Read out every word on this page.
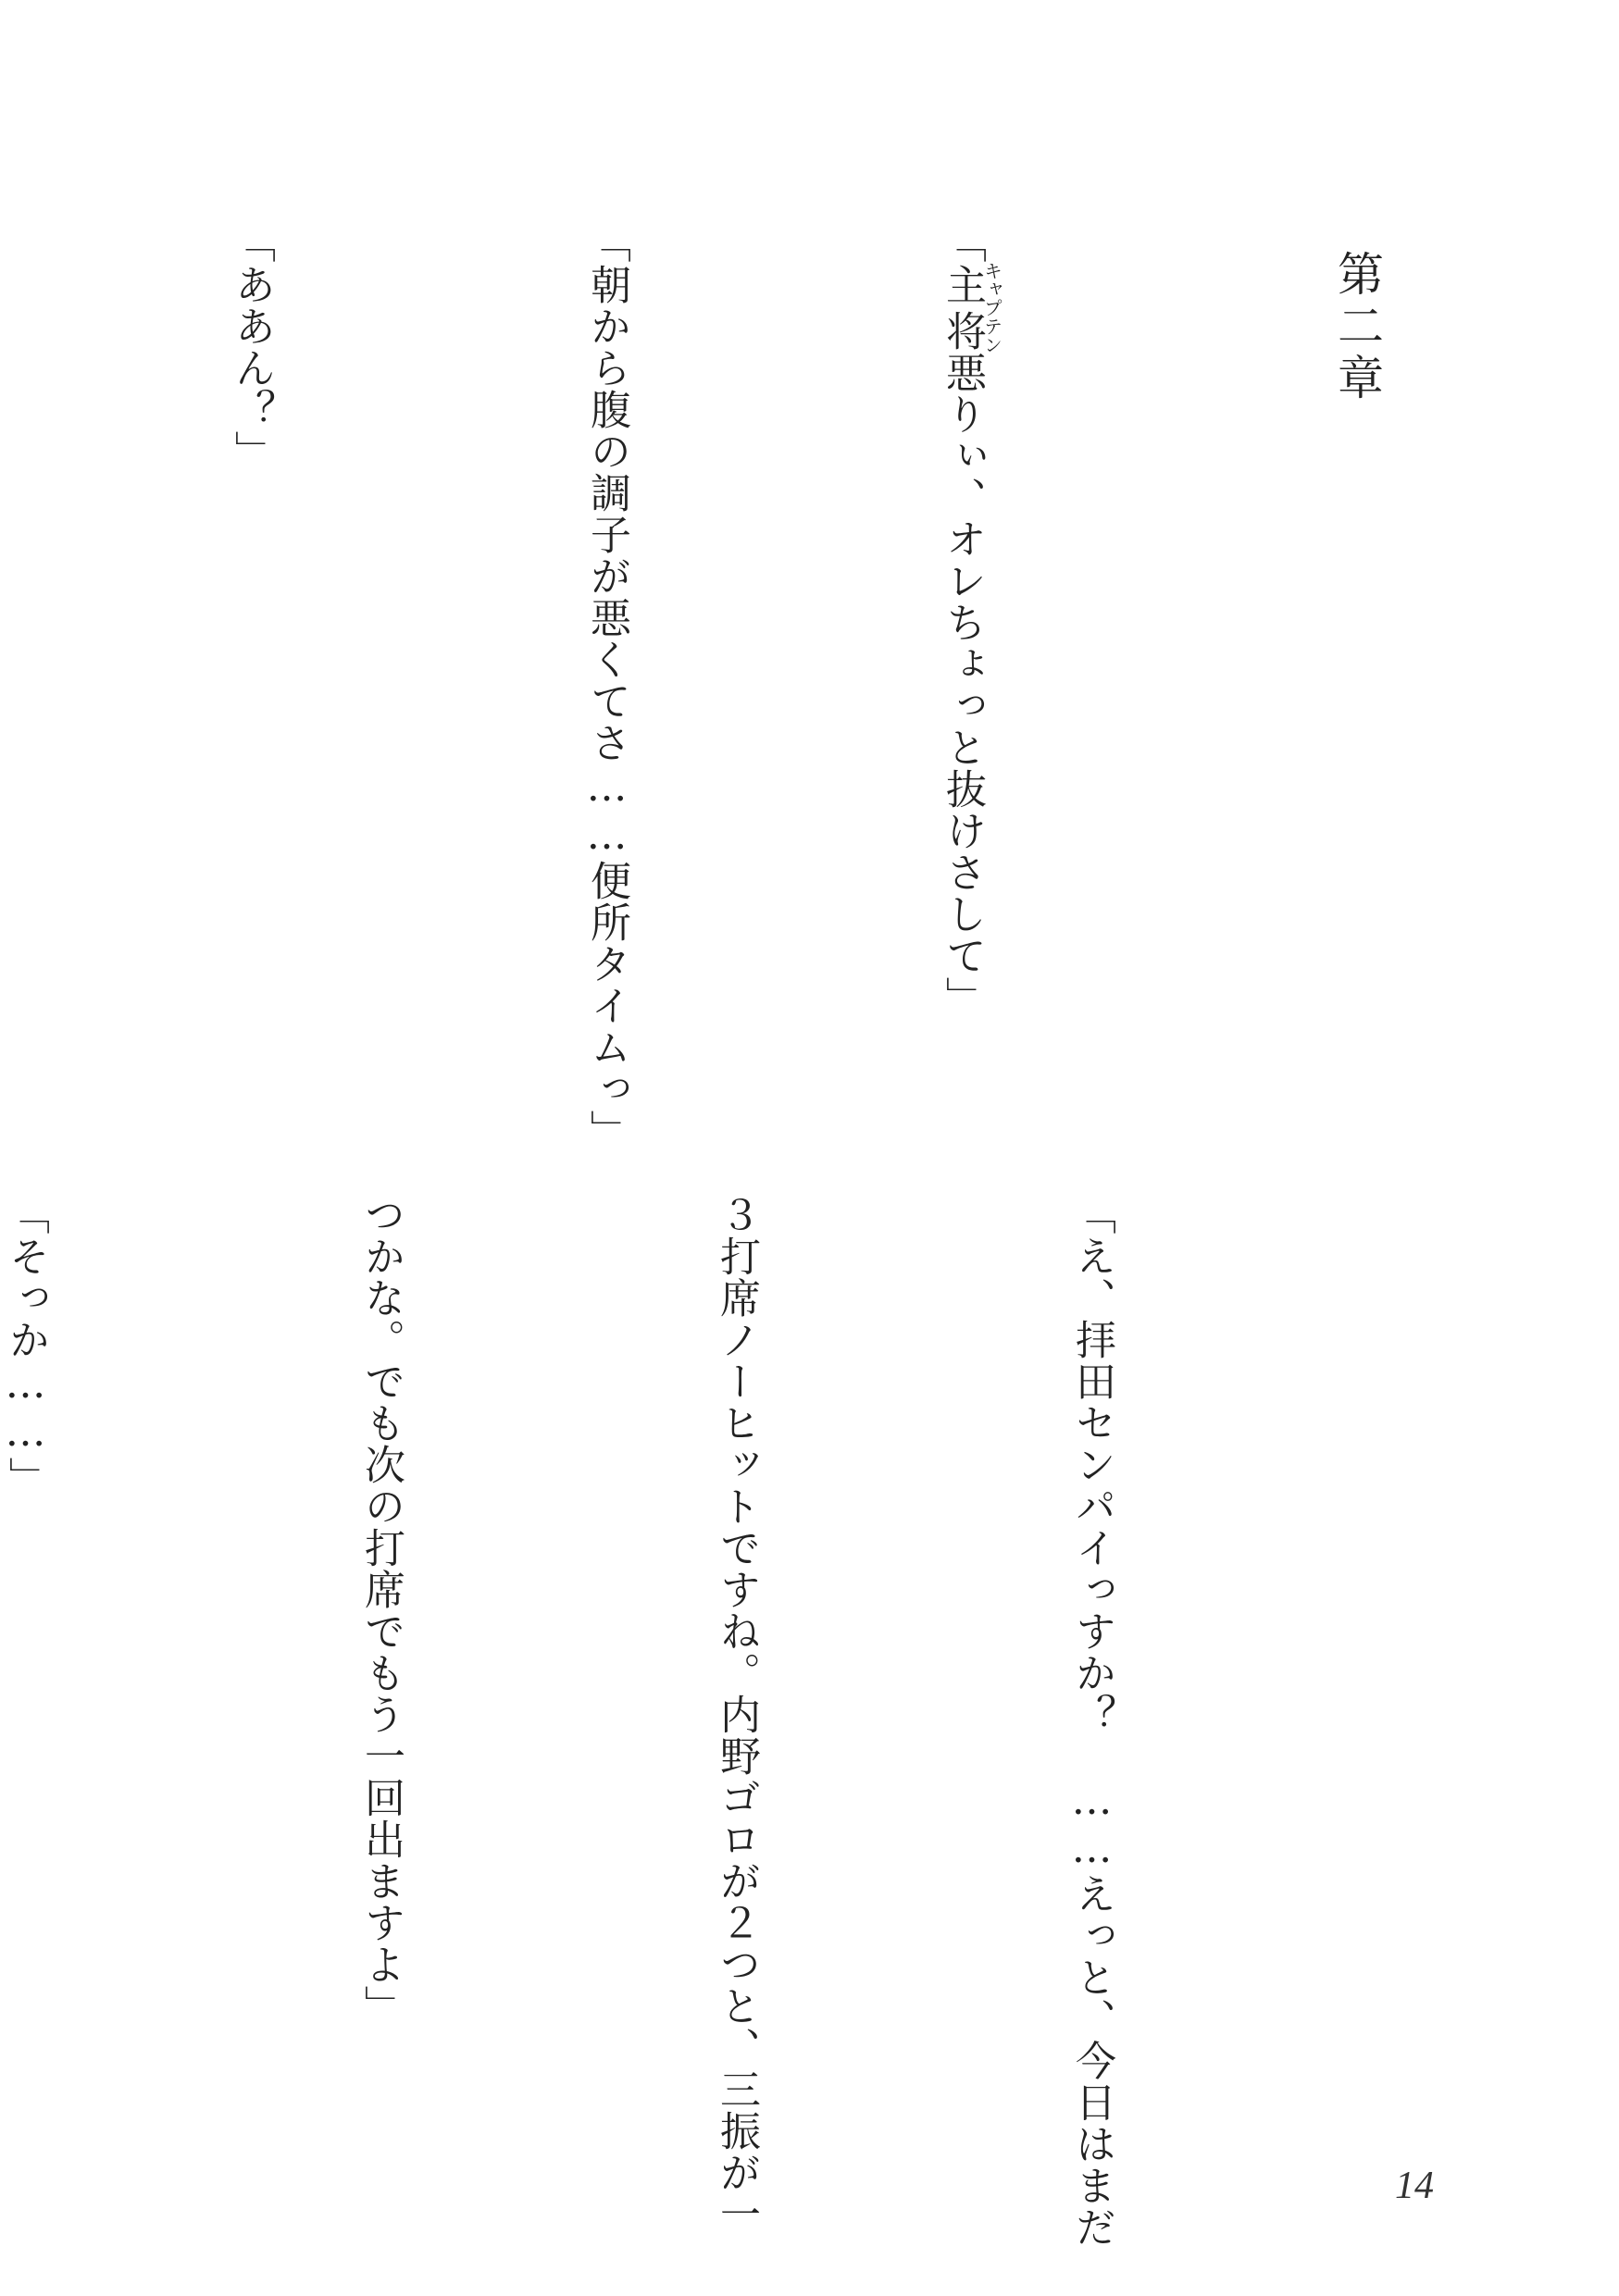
第二章

「主将キャプテン悪りぃ、オレちょっと抜けさして」

「朝から腹の調子が悪くてさ……便所タイムっ」

「ああん？」

「え、拝田センパイっすか？　……えっと、今日はまだ

３打席ノーヒットですね。内野ゴロが２つと、三振が一

つかな。でも次の打席でもう一回出ますよ」

「そっか……」

14
